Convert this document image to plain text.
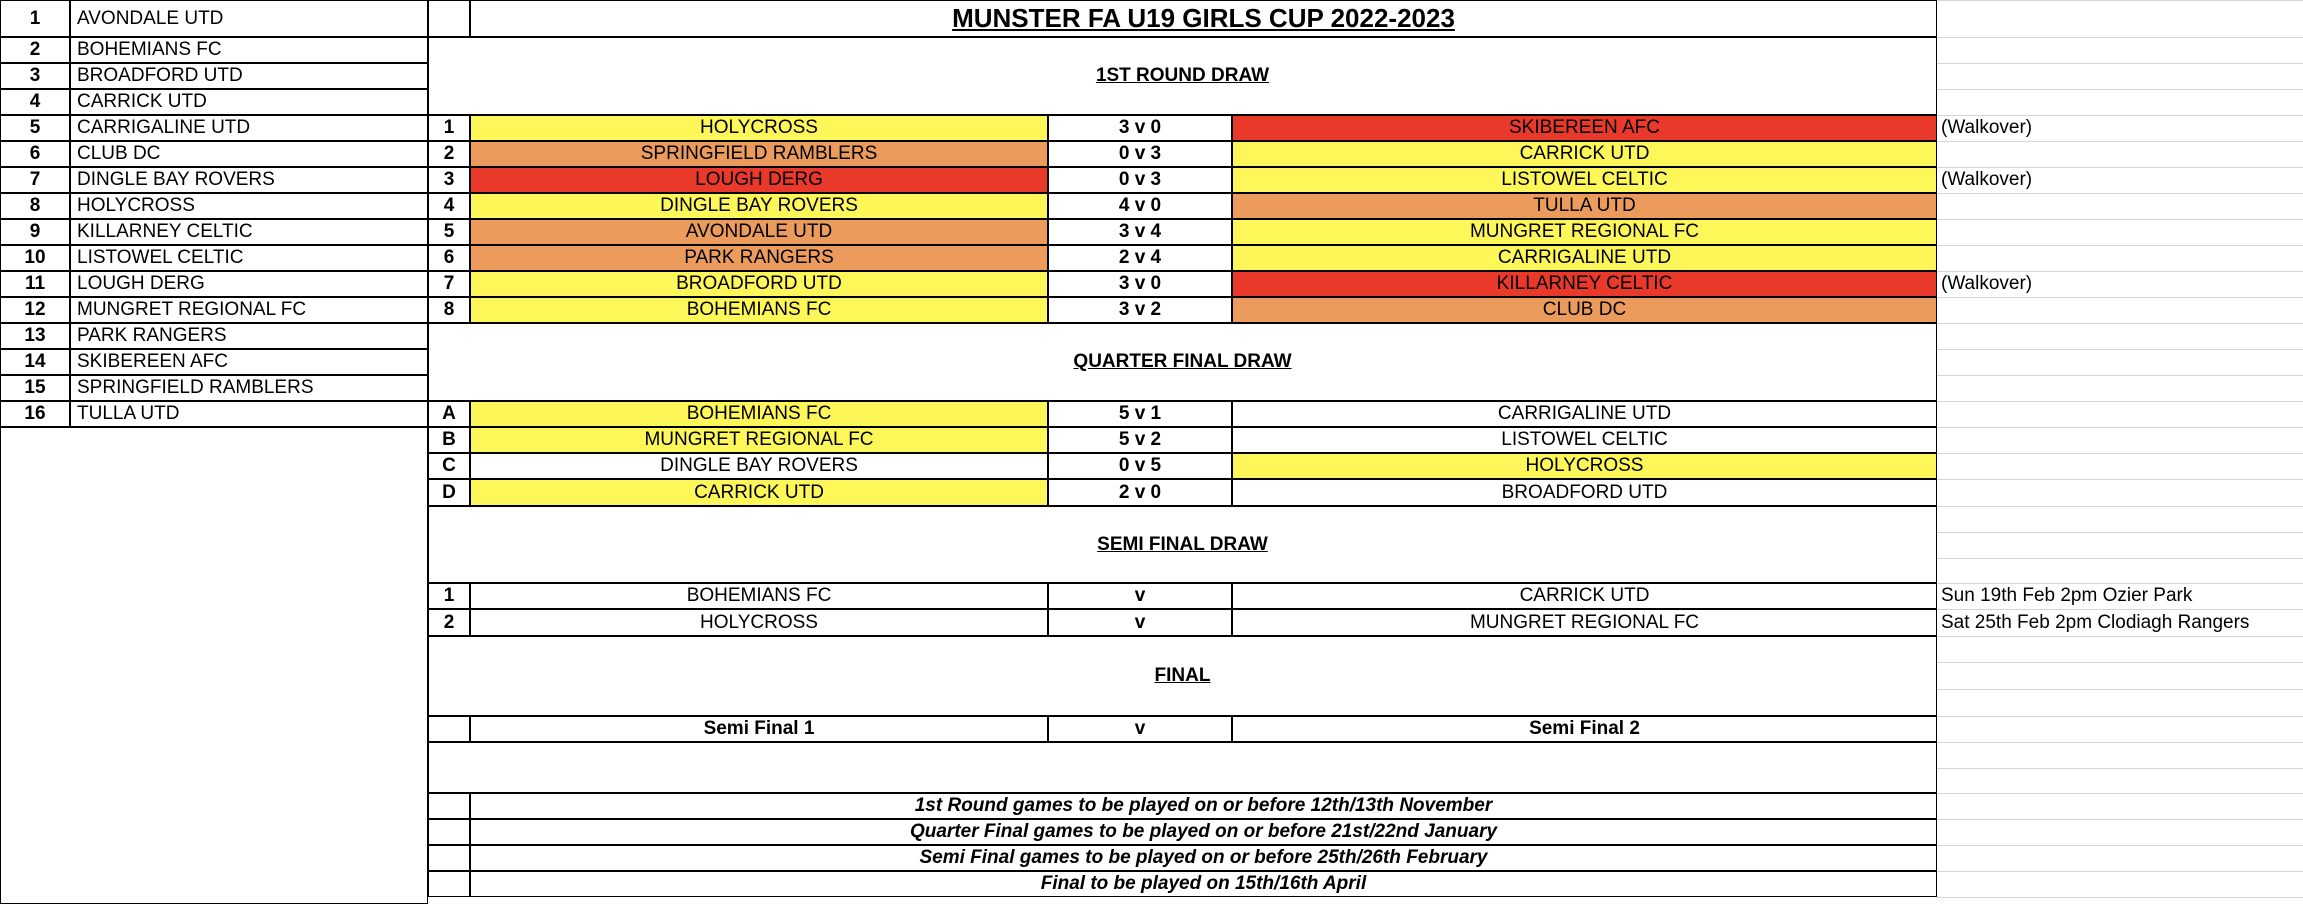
1	AVONDALE UTD
2	BOHEMIANS FC
3	BROADFORD UTD
4	CARRICK UTD
5	CARRIGALINE UTD
6	CLUB DC
7	DINGLE BAY ROVERS
8	HOLYCROSS
9	KILLARNEY CELTIC
10	LISTOWEL CELTIC
11	LOUGH DERG
12	MUNGRET REGIONAL FC
13	PARK RANGERS
14	SKIBEREEN AFC
15	SPRINGFIELD RAMBLERS
16	TULLA UTD
MUNSTER FA U19 GIRLS CUP 2022-2023
1ST ROUND DRAW
1	HOLYCROSS	3 v 0	SKIBEREEN AFC	(Walkover)
2	SPRINGFIELD RAMBLERS	0 v 3	CARRICK UTD
3	LOUGH DERG	0 v 3	LISTOWEL CELTIC	(Walkover)
4	DINGLE BAY ROVERS	4 v 0	TULLA UTD
5	AVONDALE UTD	3 v 4	MUNGRET REGIONAL FC
6	PARK RANGERS	2 v 4	CARRIGALINE UTD
7	BROADFORD UTD	3 v 0	KILLARNEY CELTIC	(Walkover)
8	BOHEMIANS FC	3 v 2	CLUB DC
QUARTER FINAL DRAW
A	BOHEMIANS FC	5 v 1	CARRIGALINE UTD
B	MUNGRET REGIONAL FC	5 v 2	LISTOWEL CELTIC
C	DINGLE BAY ROVERS	0 v 5	HOLYCROSS
D	CARRICK UTD	2 v 0	BROADFORD UTD
SEMI FINAL DRAW
1	BOHEMIANS FC	v	CARRICK UTD	Sun 19th Feb 2pm Ozier Park
2	HOLYCROSS	v	MUNGRET REGIONAL FC	Sat 25th Feb 2pm Clodiagh Rangers
FINAL
Semi Final 1	v	Semi Final 2
1st Round games to be played on or before 12th/13th November
Quarter Final games to be played on or before 21st/22nd January
Semi Final games to be played on or before 25th/26th February
Final to be played on 15th/16th April
